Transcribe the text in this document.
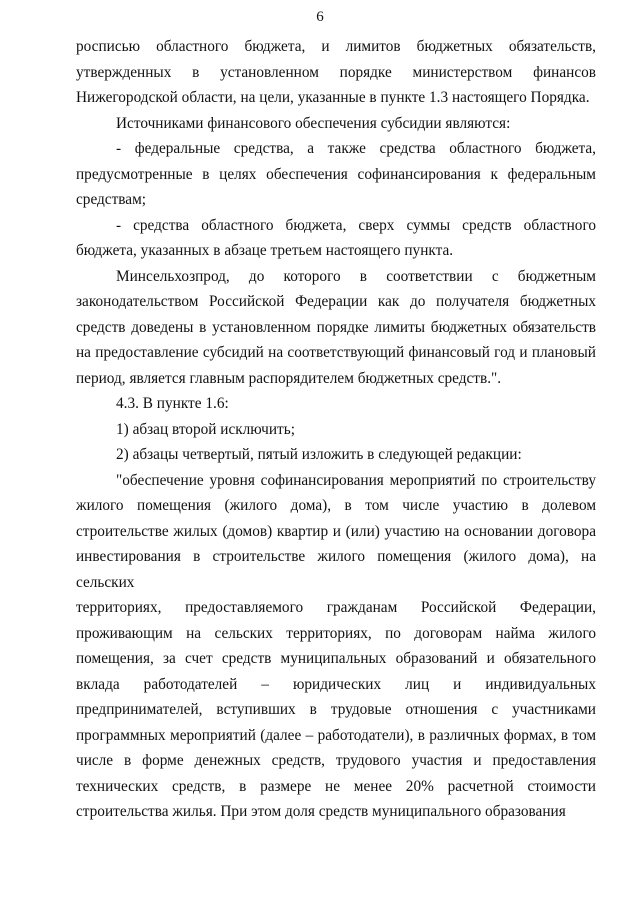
6
росписью областного бюджета, и лимитов бюджетных обязательств,
утвержденных в установленном порядке министерством финансов
Нижегородской области, на цели, указанные в пункте 1.3 настоящего Порядка.
Источниками финансового обеспечения субсидии являются:
- федеральные средства, а также средства областного бюджета,
предусмотренные в целях обеспечения софинансирования к федеральным
средствам;
- средства областного бюджета, сверх суммы средств областного
бюджета, указанных в абзаце третьем настоящего пункта.
Минсельхозпрод, до которого в соответствии с бюджетным
законодательством Российской Федерации как до получателя бюджетных
средств доведены в установленном порядке лимиты бюджетных обязательств
на предоставление субсидий на соответствующий финансовый год и плановый
период, является главным распорядителем бюджетных средств.".
4.3. В пункте 1.6:
1) абзац второй исключить;
2) абзацы четвертый, пятый изложить в следующей редакции:
"обеспечение уровня софинансирования мероприятий по строительству
жилого помещения (жилого дома), в том числе участию в долевом
строительстве жилых (домов) квартир и (или) участию на основании договора
инвестирования в строительстве жилого помещения (жилого дома), на сельских
территориях, предоставляемого гражданам Российской Федерации,
проживающим на сельских территориях, по договорам найма жилого
помещения, за счет средств муниципальных образований и обязательного
вклада работодателей – юридических лиц и индивидуальных
предпринимателей, вступивших в трудовые отношения с участниками
программных мероприятий (далее – работодатели), в различных формах, в том
числе в форме денежных средств, трудового участия и предоставления
технических средств, в размере не менее 20% расчетной стоимости
строительства жилья. При этом доля средств муниципального образования
